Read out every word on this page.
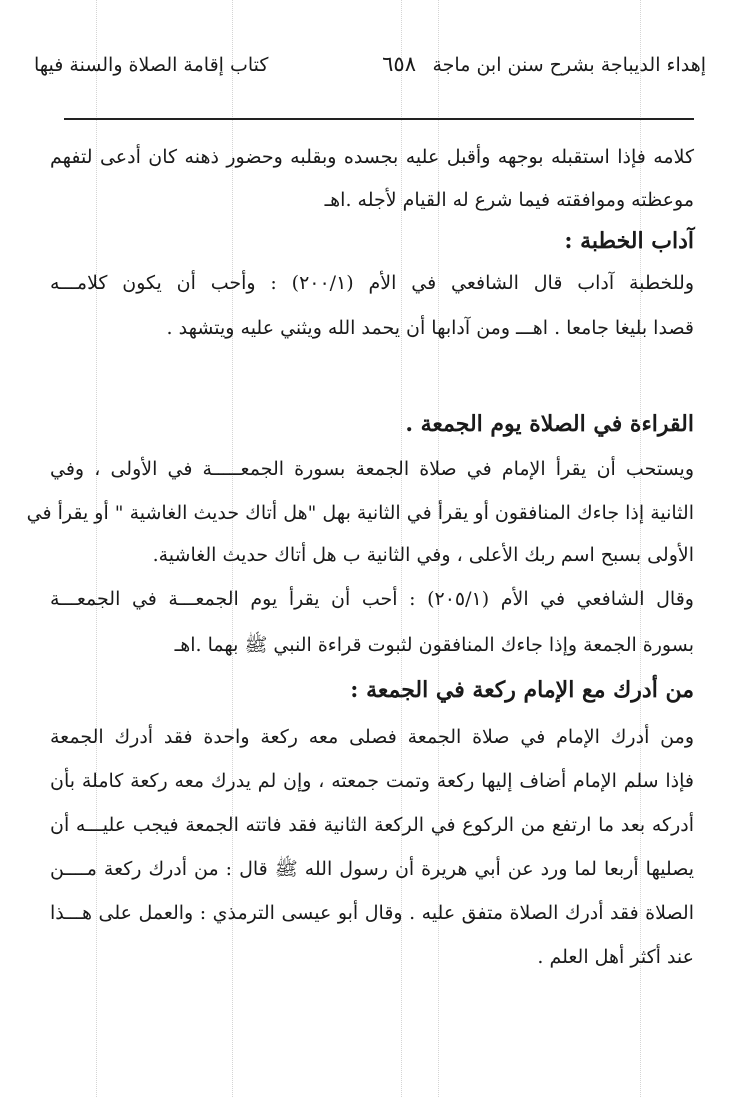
إهداء الديباجة بشرح سنن ابن ماجة
٦٥٨
كتاب إقامة الصلاة والسنة فيها
كلامه فإذا استقبله بوجهه وأقبل عليه بجسده وبقلبه وحضور ذهنه كان أدعى لتفهم
موعظته وموافقته فيما شرع له القيام لأجله .اهـ
آداب الخطبة :
وللخطبة آداب قال الشافعي في الأم (٢٠٠/١) : وأحب أن يكون كلامـــه
قصدا بليغا جامعا . اهـــ ومن آدابها أن يحمد الله ويثني عليه ويتشهد .
القراءة في الصلاة يوم الجمعة .
ويستحب أن يقرأ الإمام في صلاة الجمعة بسورة الجمعـــــة في الأولى ، وفي
الثانية إذا جاءك المنافقون أو يقرأ في الثانية بهل "هل أتاك حديث الغاشية " أو يقرأ في
الأولى بسبح اسم ربك الأعلى ، وفي الثانية ب هل أتاك حديث الغاشية.
وقال الشافعي في الأم (٢٠٥/١) : أحب أن يقرأ يوم الجمعـــة في الجمعـــة
بسورة الجمعة وإذا جاءك المنافقون لثبوت قراءة النبي ﷺ بهما .اهـ
من أدرك مع الإمام ركعة في الجمعة :
ومن أدرك الإمام في صلاة الجمعة فصلى معه ركعة واحدة فقد أدرك الجمعة
فإذا سلم الإمام أضاف إليها ركعة وتمت جمعته ، وإن لم يدرك معه ركعة كاملة بأن
أدركه بعد ما ارتفع من الركوع في الركعة الثانية فقد فاتته الجمعة فيجب عليـــه أن
يصليها أربعا لما ورد عن أبي هريرة أن رسول الله ﷺ قال : من أدرك ركعة مــــن
الصلاة فقد أدرك الصلاة متفق عليه . وقال أبو عيسى الترمذي : والعمل على هـــذا
عند أكثر أهل العلم .
